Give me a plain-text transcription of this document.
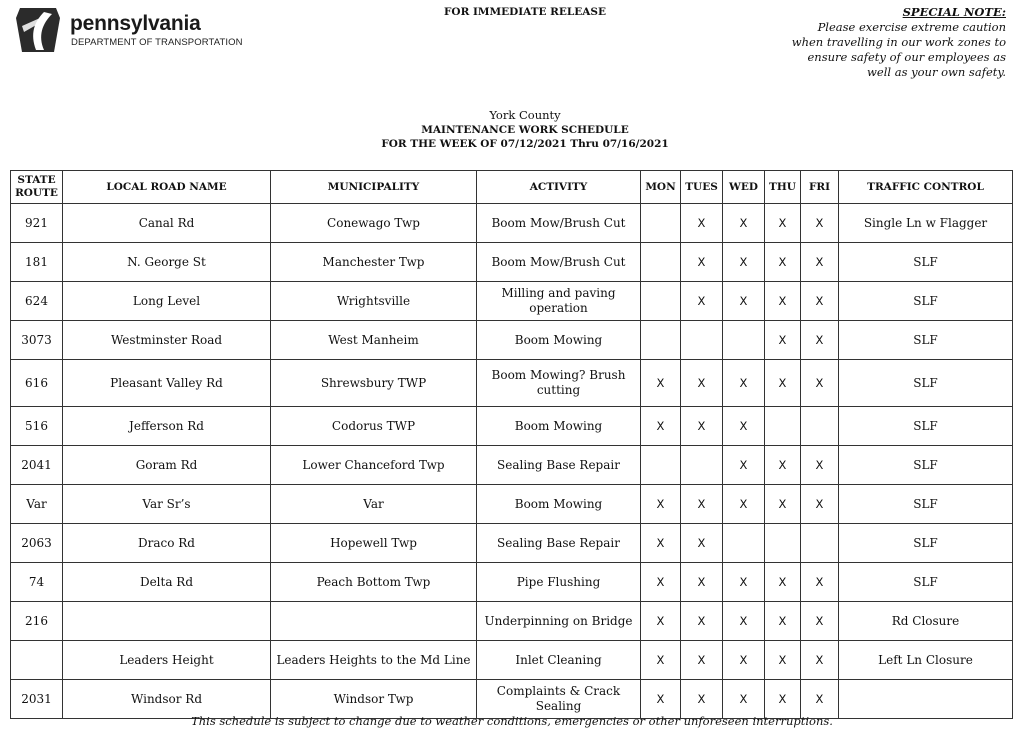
pennsylvania
DEPARTMENT OF TRANSPORTATION
FOR IMMEDIATE RELEASE	SPECIAL NOTE:
Please exercise extreme caution
when travelling in our work zones to
ensure safety of our employees as
well as your own safety.
York County
MAINTENANCE WORK SCHEDULE
FOR THE WEEK OF 07/12/2021 Thru 07/16/2021
STATE ROUTE	LOCAL ROAD NAME	MUNICIPALITY	ACTIVITY	MON	TUES	WED	THU	FRI	TRAFFIC CONTROL
921	Canal Rd	Conewago Twp	Boom Mow/Brush Cut		X	X	X	X	Single Ln w Flagger
181	N. George St	Manchester Twp	Boom Mow/Brush Cut		X	X	X	X	SLF
624	Long Level	Wrightsville	Milling and paving operation		X	X	X	X	SLF
3073	Westminster Road	West Manheim	Boom Mowing				X	X	SLF
616	Pleasant Valley Rd	Shrewsbury TWP	Boom Mowing? Brush cutting	X	X	X	X	X	SLF
516	Jefferson Rd	Codorus TWP	Boom Mowing	X	X	X			SLF
2041	Goram Rd	Lower Chanceford Twp	Sealing Base Repair			X	X	X	SLF
Var	Var Sr’s	Var	Boom Mowing	X	X	X	X	X	SLF
2063	Draco Rd	Hopewell Twp	Sealing Base Repair	X	X				SLF
74	Delta Rd	Peach Bottom Twp	Pipe Flushing	X	X	X	X	X	SLF
216			Underpinning on Bridge	X	X	X	X	X	Rd Closure
	Leaders Height	Leaders Heights to the Md Line	Inlet Cleaning	X	X	X	X	X	Left Ln Closure
2031	Windsor Rd	Windsor Twp	Complaints & Crack Sealing	X	X	X	X	X	
This schedule is subject to change due to weather conditions, emergencies or other unforeseen interruptions.
